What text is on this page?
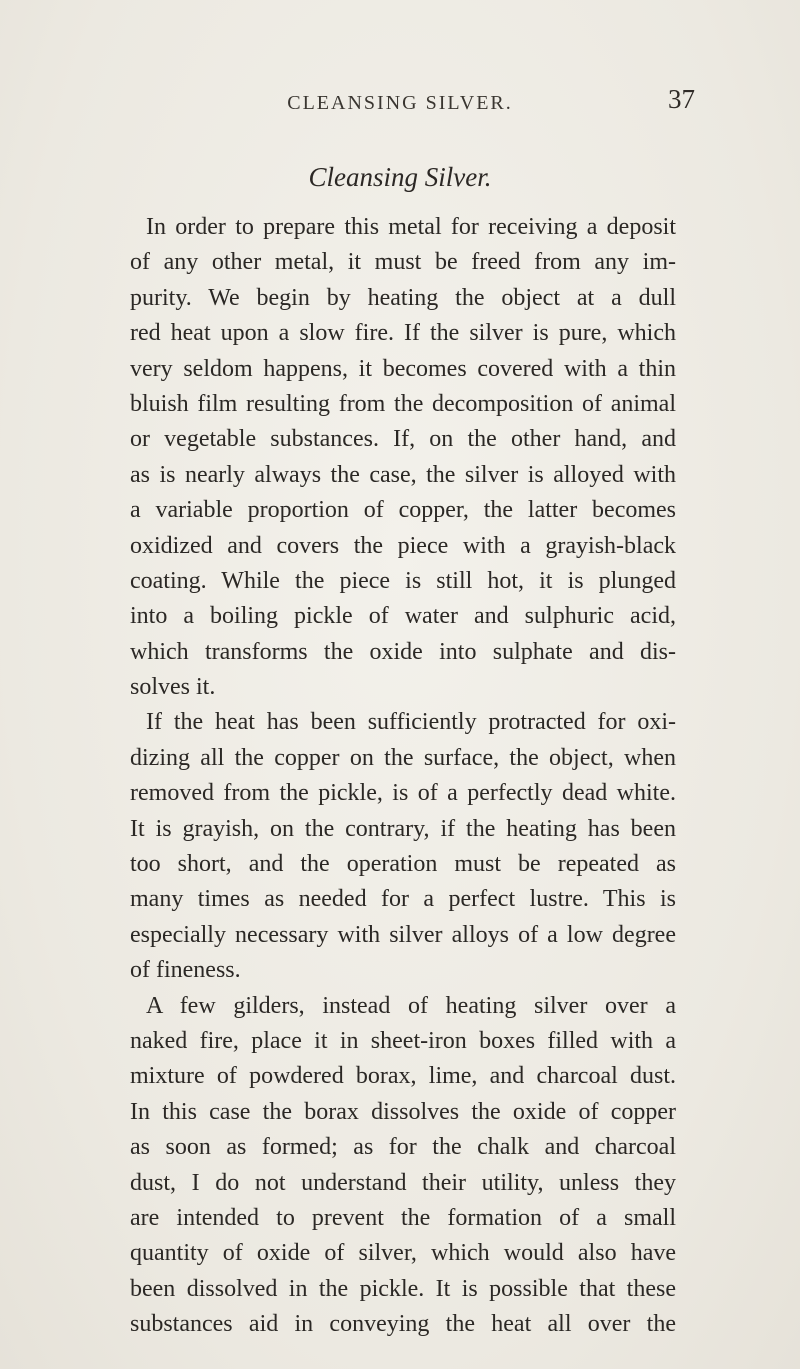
CLEANSING SILVER.	37
Cleansing Silver.
In order to prepare this metal for receiving a deposit
of any other metal, it must be freed from any im-
purity. We begin by heating the object at a dull
red heat upon a slow fire. If the silver is pure, which
very seldom happens, it becomes covered with a thin
bluish film resulting from the decomposition of animal
or vegetable substances. If, on the other hand, and
as is nearly always the case, the silver is alloyed with
a variable proportion of copper, the latter becomes
oxidized and covers the piece with a grayish-black
coating. While the piece is still hot, it is plunged
into a boiling pickle of water and sulphuric acid,
which transforms the oxide into sulphate and dis-
solves it.
If the heat has been sufficiently protracted for oxi-
dizing all the copper on the surface, the object, when
removed from the pickle, is of a perfectly dead white.
It is grayish, on the contrary, if the heating has been
too short, and the operation must be repeated as
many times as needed for a perfect lustre. This is
especially necessary with silver alloys of a low degree
of fineness.
A few gilders, instead of heating silver over a
naked fire, place it in sheet-iron boxes filled with a
mixture of powdered borax, lime, and charcoal dust.
In this case the borax dissolves the oxide of copper
as soon as formed; as for the chalk and charcoal
dust, I do not understand their utility, unless they
are intended to prevent the formation of a small
quantity of oxide of silver, which would also have
been dissolved in the pickle. It is possible that these
substances aid in conveying the heat all over the
